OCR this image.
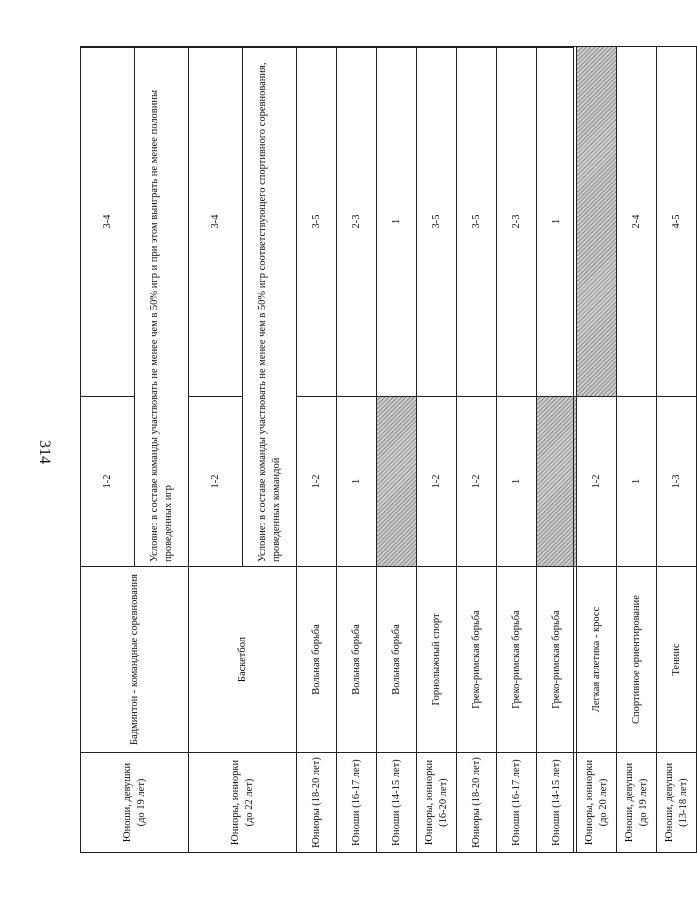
314
Юноши, девушки (до 19 лет)	Бадминтон - командные соревнования	1-2	3-4
		Условие: в составе команды участвовать не менее чем в 50% игр и при этом выиграть не менее половины проведенных игр	
Юниоры, юниорки (до 22 лет)	Баскетбол	1-2	3-4
		Условие: в составе команды участвовать не менее чем в 50% игр соответствующего спортивного соревнования, проведенных командой	
Юниоры (18-20 лет)	Вольная борьба	1-2	3-5
Юноши (16-17 лет)	Вольная борьба	1	2-3
Юноши (14-15 лет)	Вольная борьба		1
Юниоры, юниорки (16-20 лет)	Горнолыжный спорт	1-2	3-5
Юниоры (18-20 лет)	Греко-римская борьба	1-2	3-5
Юноши (16-17 лет)	Греко-римская борьба	1	2-3
Юноши (14-15 лет)	Греко-римская борьба		1
Юниоры, юниорки (до 20 лет)	Легкая атлетика - кросс	1-2	
Юноши, девушки (до 19 лет)	Спортивное ориентирование	1	2-4
Юноши, девушки (13-18 лет)	Теннис	1-3	4-5
